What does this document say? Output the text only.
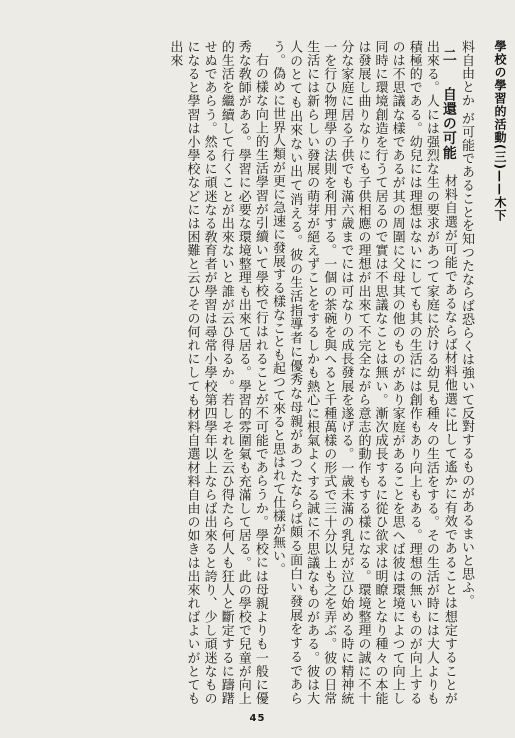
學校の學習的活動(三)——木下

料自由とか が可能であることを知つたならば恐らくは強いて反對するものがあるまいと思ふ。

二　自還の可能　材料自選が可能であるならば材料他選に比して遙かに有效であることは想定することが出來る。人には强烈な生の要求があつて家庭に於ける幼見も種々の生活をする。その生活が時には大人よりも積極的である。幼兒には理想はないにしても其の生活には創作もあり向上もある。理想の無いものが向上するのは不思議な樣であるが其の周圍に父母其の他のものがあり家庭があることを思へば彼は環境によつて向上し同時に環境創造を行うて居るので實は不思議なことは無い。漸次成長するに從ひ欲求は明瞭となり種々の本能は發展し曲りなりにも子供相應の理想が出來て不完全ながら意志的動作もする樣になる。環境整理の誠に不十分な家庭に居る子供でも滿六歳までには可なりの成長發展を遂げる。一歳未滿の乳兒が泣ひ始める時に精神統一を行ひ物理學の法則を利用する。一個の茶碗を與へると千種萬樣の形式で三十分以上も之を弄ぶ。彼の日常生活には新らしい發展の萌芽が絕えずことをするしかも熱心に根氣よくする誠に不思議なものがある。彼は大人のとても出來ない出て消える。彼の生活指導者に優秀な母親があつたならば頗る面白い發展をするであらう。偽めに世界人類が更に急速に發展する樣なことも起つて來ると思はれて仕樣が無い。

右の樣な向上的生活學習が引續いて學校で行はれることが不可能であらうか。學校には母親よりも一般に優秀な敎師がある。學習に必要な環境整理も出來て居る。學習的雰圍氣も充滿して居る。此の學校で兒童が向上的生活を繼續して行くことが出來ないと誰が云ひ得るか。若しそれを云ひ得たら何人も狂人と斷定するに躊躇せぬであらう。然るに頑迷なる敎育者が學習は尋常小學校第四學年以上ならば出來ると誇り、少し頑迷なものになると學習は小學校などには困難と云ひその何れにしても材料自選材料自由の如きは出來ればよいがとても出來

45
